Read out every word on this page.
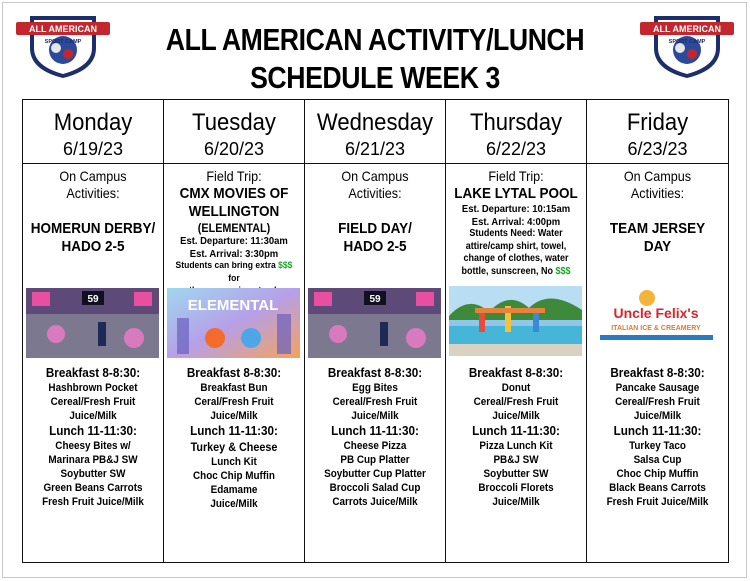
ALL AMERICAN
SPORT CAMP
ALL AMERICAN
SPORT CAMP
ALL AMERICAN ACTIVITY/LUNCH
SCHEDULE WEEK 3
Monday
6/19/23
On Campus
Activities:
HOMERUN DERBY/
HADO 2-5
59
Breakfast 8-8:30:
Hashbrown Pocket
Cereal/Fresh Fruit
Juice/Milk
Lunch 11-11:30:
Cheesy Bites w/
Marinara PB&J SW
Soybutter SW
Green Beans Carrots
Fresh Fruit Juice/Milk
Tuesday
6/20/23
Field Trip:
CMX MOVIES OF
WELLINGTON
(ELEMENTAL)
Est. Departure: 11:30am
Est. Arrival: 3:30pm
Students can bring extra $$$ for
ELEMENTAL
Breakfast 8-8:30:
Breakfast Bun
Ceral/Fresh Fruit
Juice/Milk
Lunch 11-11:30:
Turkey & Cheese
Lunch Kit
Choc Chip Muffin
Edamame
Juice/Milk
Wednesday
6/21/23
On Campus
Activities:
FIELD DAY/
HADO 2-5
59
Breakfast 8-8:30:
Egg Bites
Cereal/Fresh Fruit
Juice/Milk
Lunch 11-11:30:
Cheese Pizza
PB Cup Platter
Soybutter Cup Platter
Broccoli Salad Cup
Carrots Juice/Milk
Thursday
6/22/23
Field Trip:
LAKE LYTAL POOL
Est. Departure: 10:15am
Est. Arrival: 4:00pm
Students Need: Water
attire/camp shirt, towel,
change of clothes, water
bottle, sunscreen, No $$$
Breakfast 8-8:30:
Donut
Cereal/Fresh Fruit
Juice/Milk
Lunch 11-11:30:
Pizza Lunch Kit
PB&J SW
Soybutter SW
Broccoli Florets
Juice/Milk
Friday
6/23/23
On Campus
Activities:
TEAM JERSEY
DAY
Uncle Felix's
ITALIAN ICE & CREAMERY
Breakfast 8-8:30:
Pancake Sausage
Cereal/Fresh Fruit
Juice/Milk
Lunch 11-11:30:
Turkey Taco
Salsa Cup
Choc Chip Muffin
Black Beans Carrots
Fresh Fruit Juice/Milk
